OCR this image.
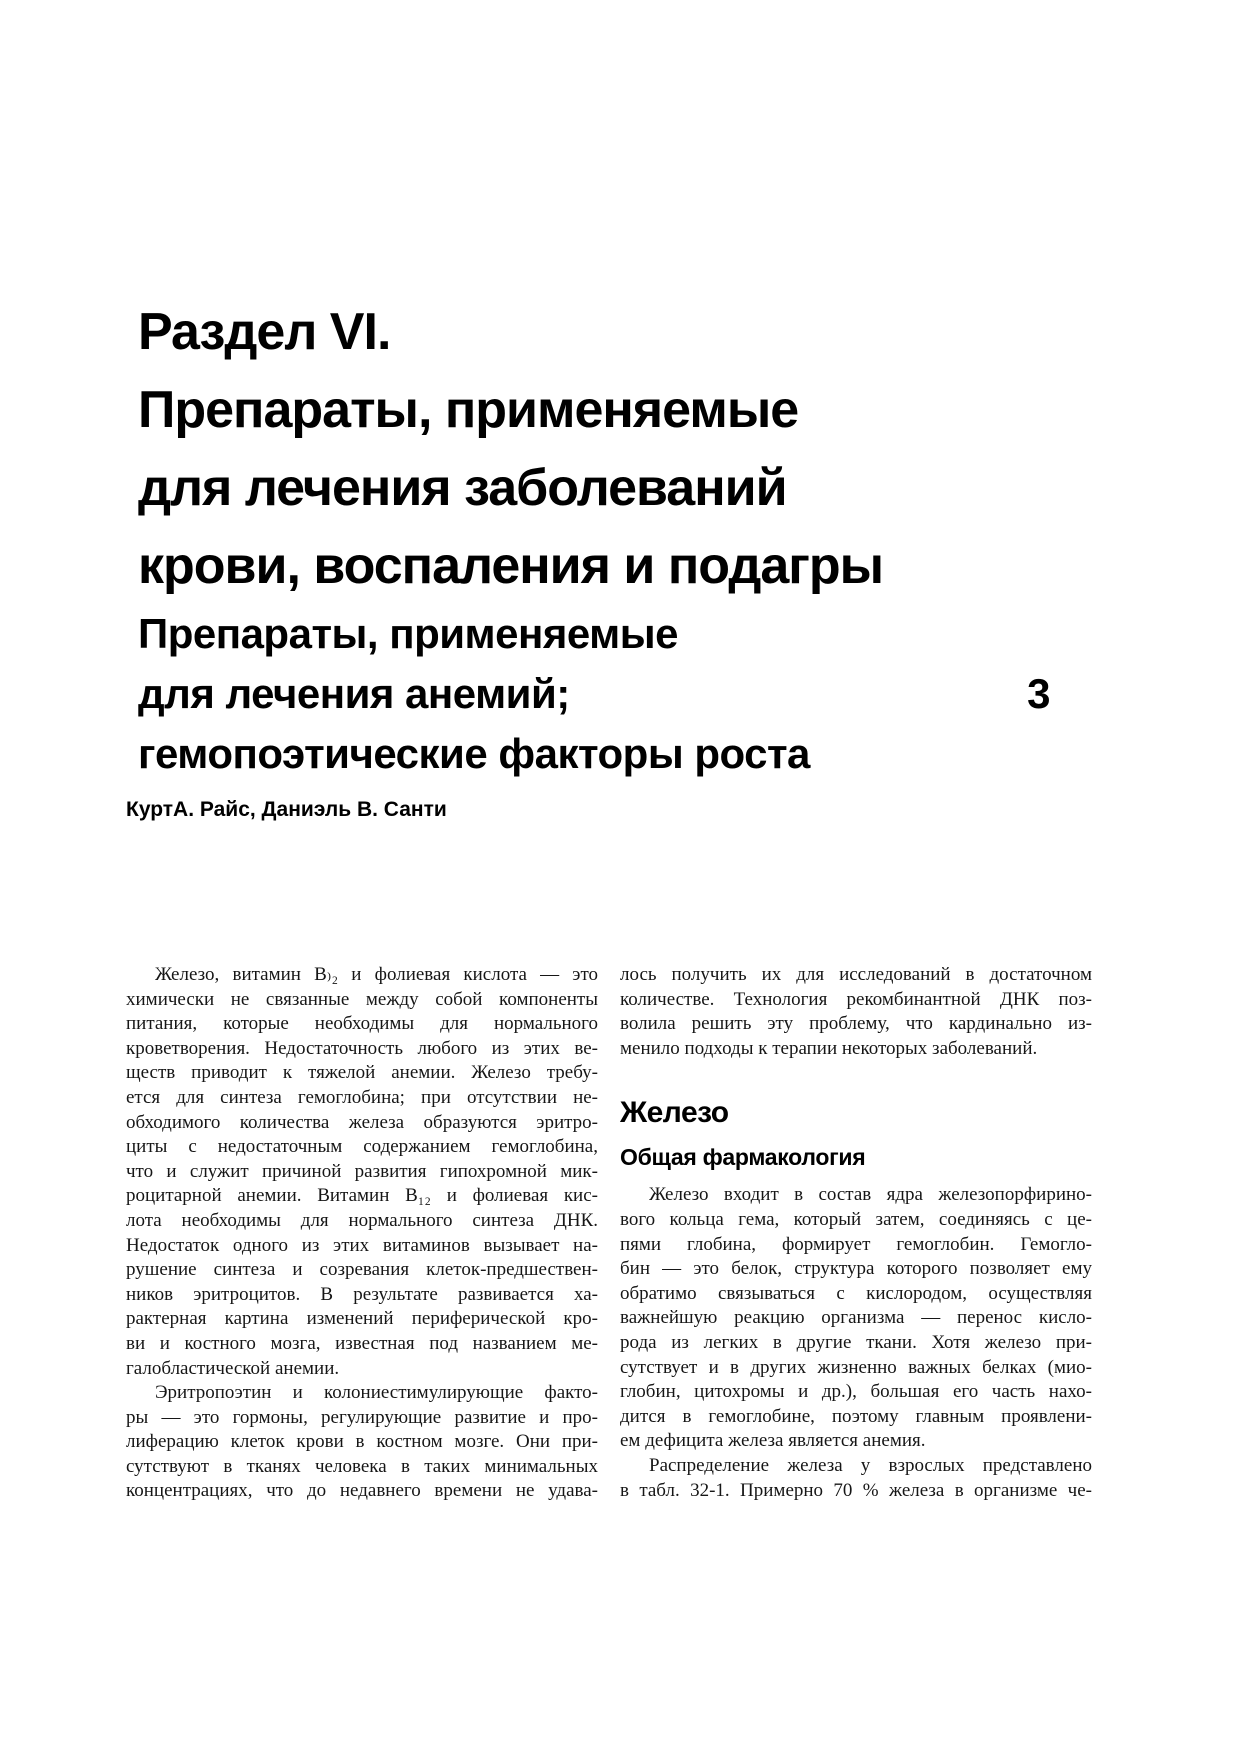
Раздел VI.
Препараты, применяемые
для лечения заболеваний
крови, воспаления и подагры
Препараты, применяемые
для лечения анемий;	3
гемопоэтические факторы роста
КуртА. Райс, Даниэль В. Санти
Железо, витамин В₎₂ и фолиевая кислота — это
химически не связанные между собой компоненты
питания, которые необходимы для нормального
кроветворения. Недостаточность любого из этих ве-
ществ приводит к тяжелой анемии. Железо требу-
ется для синтеза гемоглобина; при отсутствии не-
обходимого количества железа образуются эритро-
циты с недостаточным содержанием гемоглобина,
что и служит причиной развития гипохромной мик-
роцитарной анемии. Витамин В₁₂ и фолиевая кис-
лота необходимы для нормального синтеза ДНК.
Недостаток одного из этих витаминов вызывает на-
рушение синтеза и созревания клеток-предшествен-
ников эритроцитов. В результате развивается ха-
рактерная картина изменений периферической кро-
ви и костного мозга, известная под названием ме-
галобластической анемии.
Эритропоэтин и колониестимулирующие факто-
ры — это гормоны, регулирующие развитие и про-
лиферацию клеток крови в костном мозге. Они при-
сутствуют в тканях человека в таких минимальных
концентрациях, что до недавнего времени не удава-
лось получить их для исследований в достаточном
количестве. Технология рекомбинантной ДНК поз-
волила решить эту проблему, что кардинально из-
менило подходы к терапии некоторых заболеваний.
Железо
Общая фармакология
Железо входит в состав ядра железопорфирино-
вого кольца гема, который затем, соединяясь с це-
пями глобина, формирует гемоглобин. Гемогло-
бин — это белок, структура которого позволяет ему
обратимо связываться с кислородом, осуществляя
важнейшую реакцию организма — перенос кисло-
рода из легких в другие ткани. Хотя железо при-
сутствует и в других жизненно важных белках (мио-
глобин, цитохромы и др.), большая его часть нахо-
дится в гемоглобине, поэтому главным проявлени-
ем дефицита железа является анемия.
Распределение железа у взрослых представлено
в табл. 32-1. Примерно 70 % железа в организме че-
